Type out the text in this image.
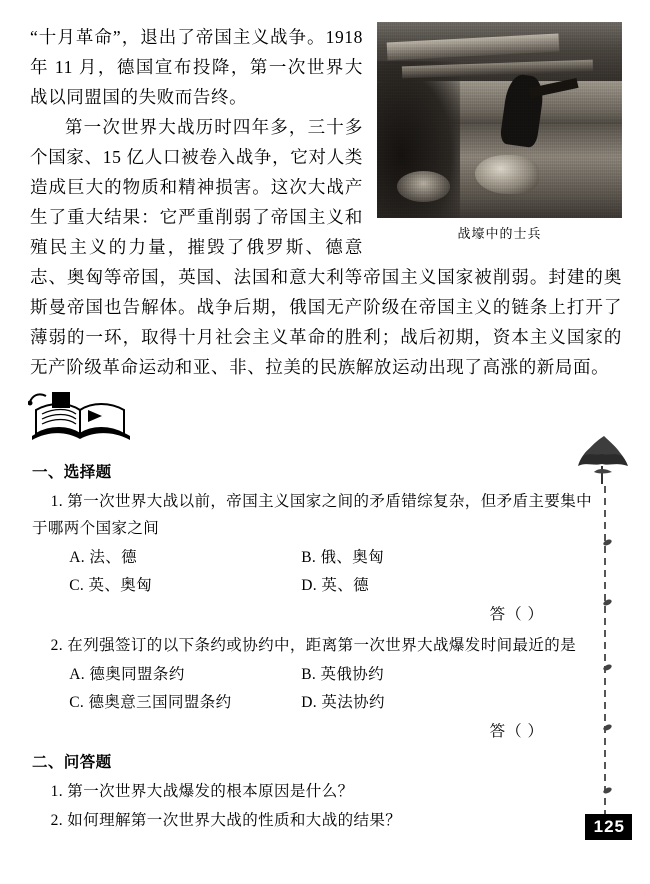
战壕中的士兵

“十月革命”，退出了帝国主义战争。1918 年 11 月，德国宣布投降，第一次世界大战以同盟国的失败而告终。

第一次世界大战历时四年多，三十多个国家、15 亿人口被卷入战争，它对人类造成巨大的物质和精神损害。这次大战产生了重大结果：它严重削弱了帝国主义和殖民主义的力量，摧毁了俄罗斯、德意志、奥匈等帝国，英国、法国和意大利等帝国主义国家被削弱。封建的奥斯曼帝国也告解体。战争后期，俄国无产阶级在帝国主义的链条上打开了薄弱的一环，取得十月社会主义革命的胜利；战后初期，资本主义国家的无产阶级革命运动和亚、非、拉美的民族解放运动出现了高涨的新局面。

一、选择题
1. 第一次世界大战以前，帝国主义国家之间的矛盾错综复杂，但矛盾主要集中于哪两个国家之间
A. 法、德	B. 俄、奥匈
C. 英、奥匈	D. 英、德
答（ ）
2. 在列强签订的以下条约或协约中，距离第一次世界大战爆发时间最近的是
A. 德奥同盟条约	B. 英俄协约
C. 德奥意三国同盟条约	D. 英法协约
答（ ）
二、问答题
1. 第一次世界大战爆发的根本原因是什么？
2. 如何理解第一次世界大战的性质和大战的结果？	125
